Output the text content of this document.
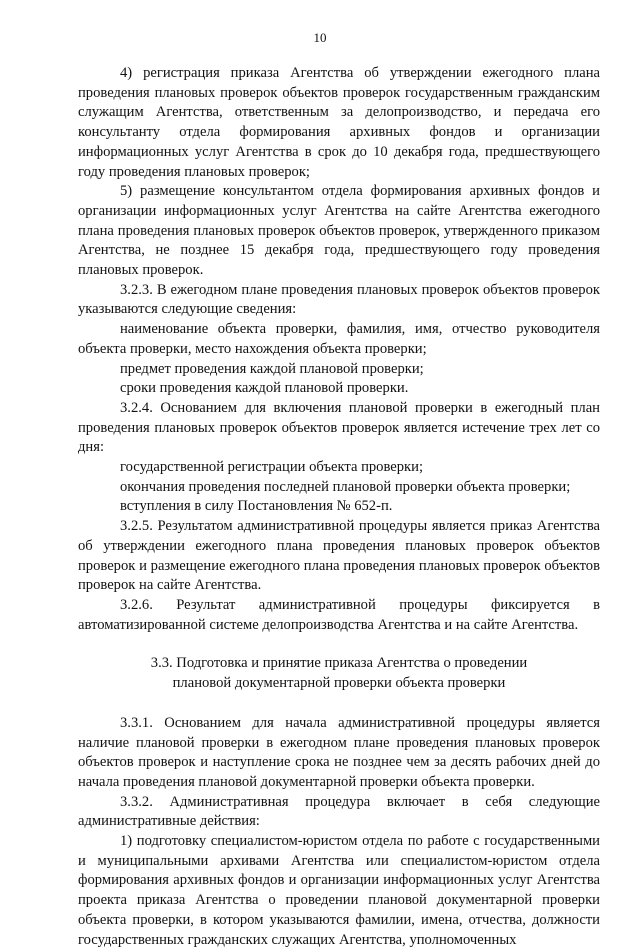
10

4) регистрация приказа Агентства об утверждении ежегодного плана проведения плановых проверок объектов проверок государственным гражданским служащим Агентства, ответственным за делопроизводство, и передача его консультанту отдела формирования архивных фондов и организации информационных услуг Агентства в срок до 10 декабря года, предшествующего году проведения плановых проверок;

5) размещение консультантом отдела формирования архивных фондов и организации информационных услуг Агентства на сайте Агентства ежегодного плана проведения плановых проверок объектов проверок, утвержденного приказом Агентства, не позднее 15 декабря года, предшествующего году проведения плановых проверок.

3.2.3. В ежегодном плане проведения плановых проверок объектов проверок указываются следующие сведения:

наименование объекта проверки, фамилия, имя, отчество руководителя объекта проверки, место нахождения объекта проверки;

предмет проведения каждой плановой проверки;

сроки проведения каждой плановой проверки.

3.2.4. Основанием для включения плановой проверки в ежегодный план проведения плановых проверок объектов проверок является истечение трех лет со дня:

государственной регистрации объекта проверки;

окончания проведения последней плановой проверки объекта проверки;

вступления в силу Постановления № 652-п.

3.2.5. Результатом административной процедуры является приказ Агентства об утверждении ежегодного плана проведения плановых проверок объектов проверок и размещение ежегодного плана проведения плановых проверок объектов проверок на сайте Агентства.

3.2.6. Результат административной процедуры фиксируется в автоматизированной системе делопроизводства Агентства и на сайте Агентства.

3.3. Подготовка и принятие приказа Агентства о проведении

плановой документарной проверки объекта проверки

3.3.1. Основанием для начала административной процедуры является наличие плановой проверки в ежегодном плане проведения плановых проверок объектов проверок и наступление срока не позднее чем за десять рабочих дней до начала проведения плановой документарной проверки объекта проверки.

3.3.2. Административная процедура включает в себя следующие административные действия:

1) подготовку специалистом-юристом отдела по работе с государственными и муниципальными архивами Агентства или специалистом-юристом отдела формирования архивных фондов и организации информационных услуг Агентства проекта приказа Агентства о проведении плановой документарной проверки объекта проверки, в котором указываются фамилии, имена, отчества, должности государственных гражданских служащих Агентства, уполномоченных
